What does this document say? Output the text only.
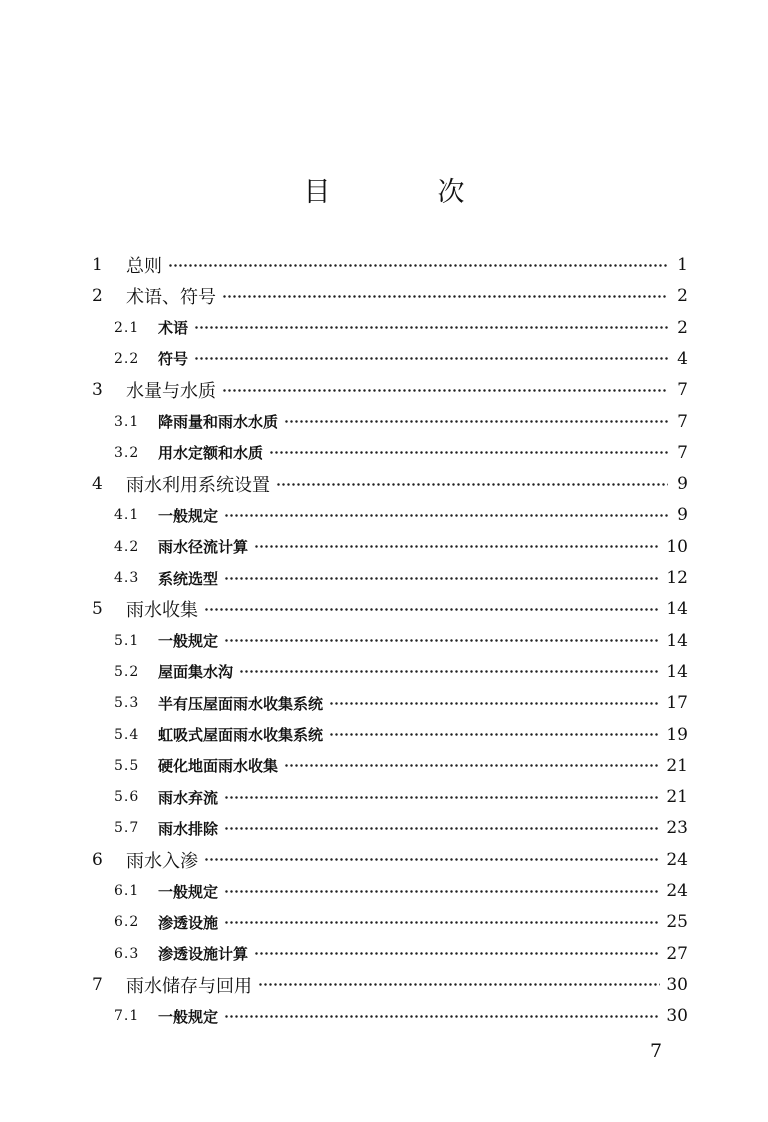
目　次
1	总则	1
2	术语、符号	2
2.1	术语	2
2.2	符号	4
3	水量与水质	7
3.1	降雨量和雨水水质	7
3.2	用水定额和水质	7
4	雨水利用系统设置	9
4.1	一般规定	9
4.2	雨水径流计算	10
4.3	系统选型	12
5	雨水收集	14
5.1	一般规定	14
5.2	屋面集水沟	14
5.3	半有压屋面雨水收集系统	17
5.4	虹吸式屋面雨水收集系统	19
5.5	硬化地面雨水收集	21
5.6	雨水弃流	21
5.7	雨水排除	23
6	雨水入渗	24
6.1	一般规定	24
6.2	渗透设施	25
6.3	渗透设施计算	27
7	雨水储存与回用	30
7.1	一般规定	30
7
